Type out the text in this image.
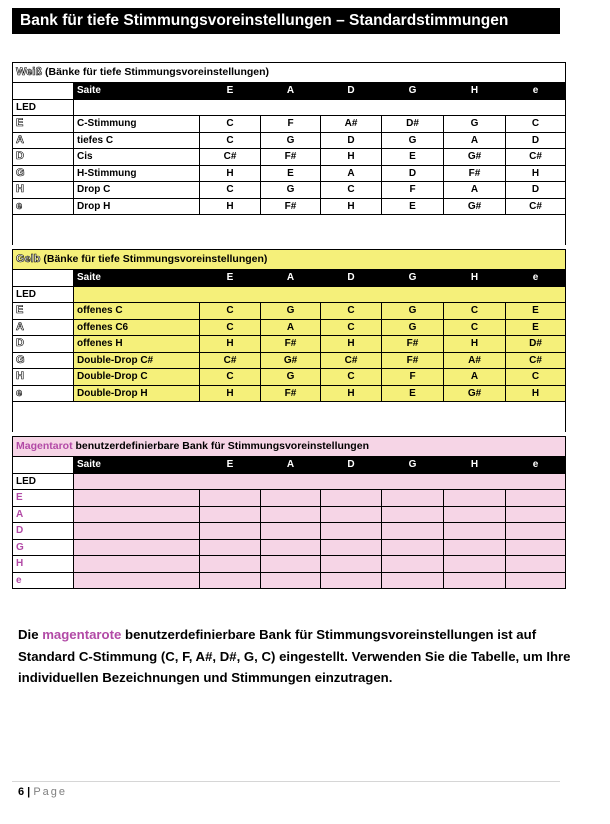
Bank für tiefe Stimmungsvoreinstellungen – Standardstimmungen
Weiß (Bänke für tiefe Stimmungsvoreinstellungen)							
	Saite	E	A	D	G	H	e
LED							
E	C-Stimmung	C	F	A#	D#	G	C
A	tiefes C	C	G	D	G	A	D
D	Cis	C#	F#	H	E	G#	C#
G	H-Stimmung	H	E	A	D	F#	H
H	Drop C	C	G	C	F	A	D
e	Drop H	H	F#	H	E	G#	C#

Gelb (Bänke für tiefe Stimmungsvoreinstellungen)							
	Saite	E	A	D	G	H	e
LED							
E	offenes C	C	G	C	G	C	E
A	offenes C6	C	A	C	G	C	E
D	offenes H	H	F#	H	F#	H	D#
G	Double-Drop C#	C#	G#	C#	F#	A#	C#
H	Double-Drop C	C	G	C	F	A	C
e	Double-Drop H	H	F#	H	E	G#	H

Magentarot benutzerdefinierbare Bank für Stimmungsvoreinstellungen							
	Saite	E	A	D	G	H	e
LED							
E							
A							
D							
G							
H							
e							
Die magentarote benutzerdefinierbare Bank für Stimmungsvoreinstellungen ist auf Standard C-Stimmung (C, F, A#, D#, G, C) eingestellt. Verwenden Sie die Tabelle, um Ihre individuellen Bezeichnungen und Stimmungen einzutragen.
6 | Page
